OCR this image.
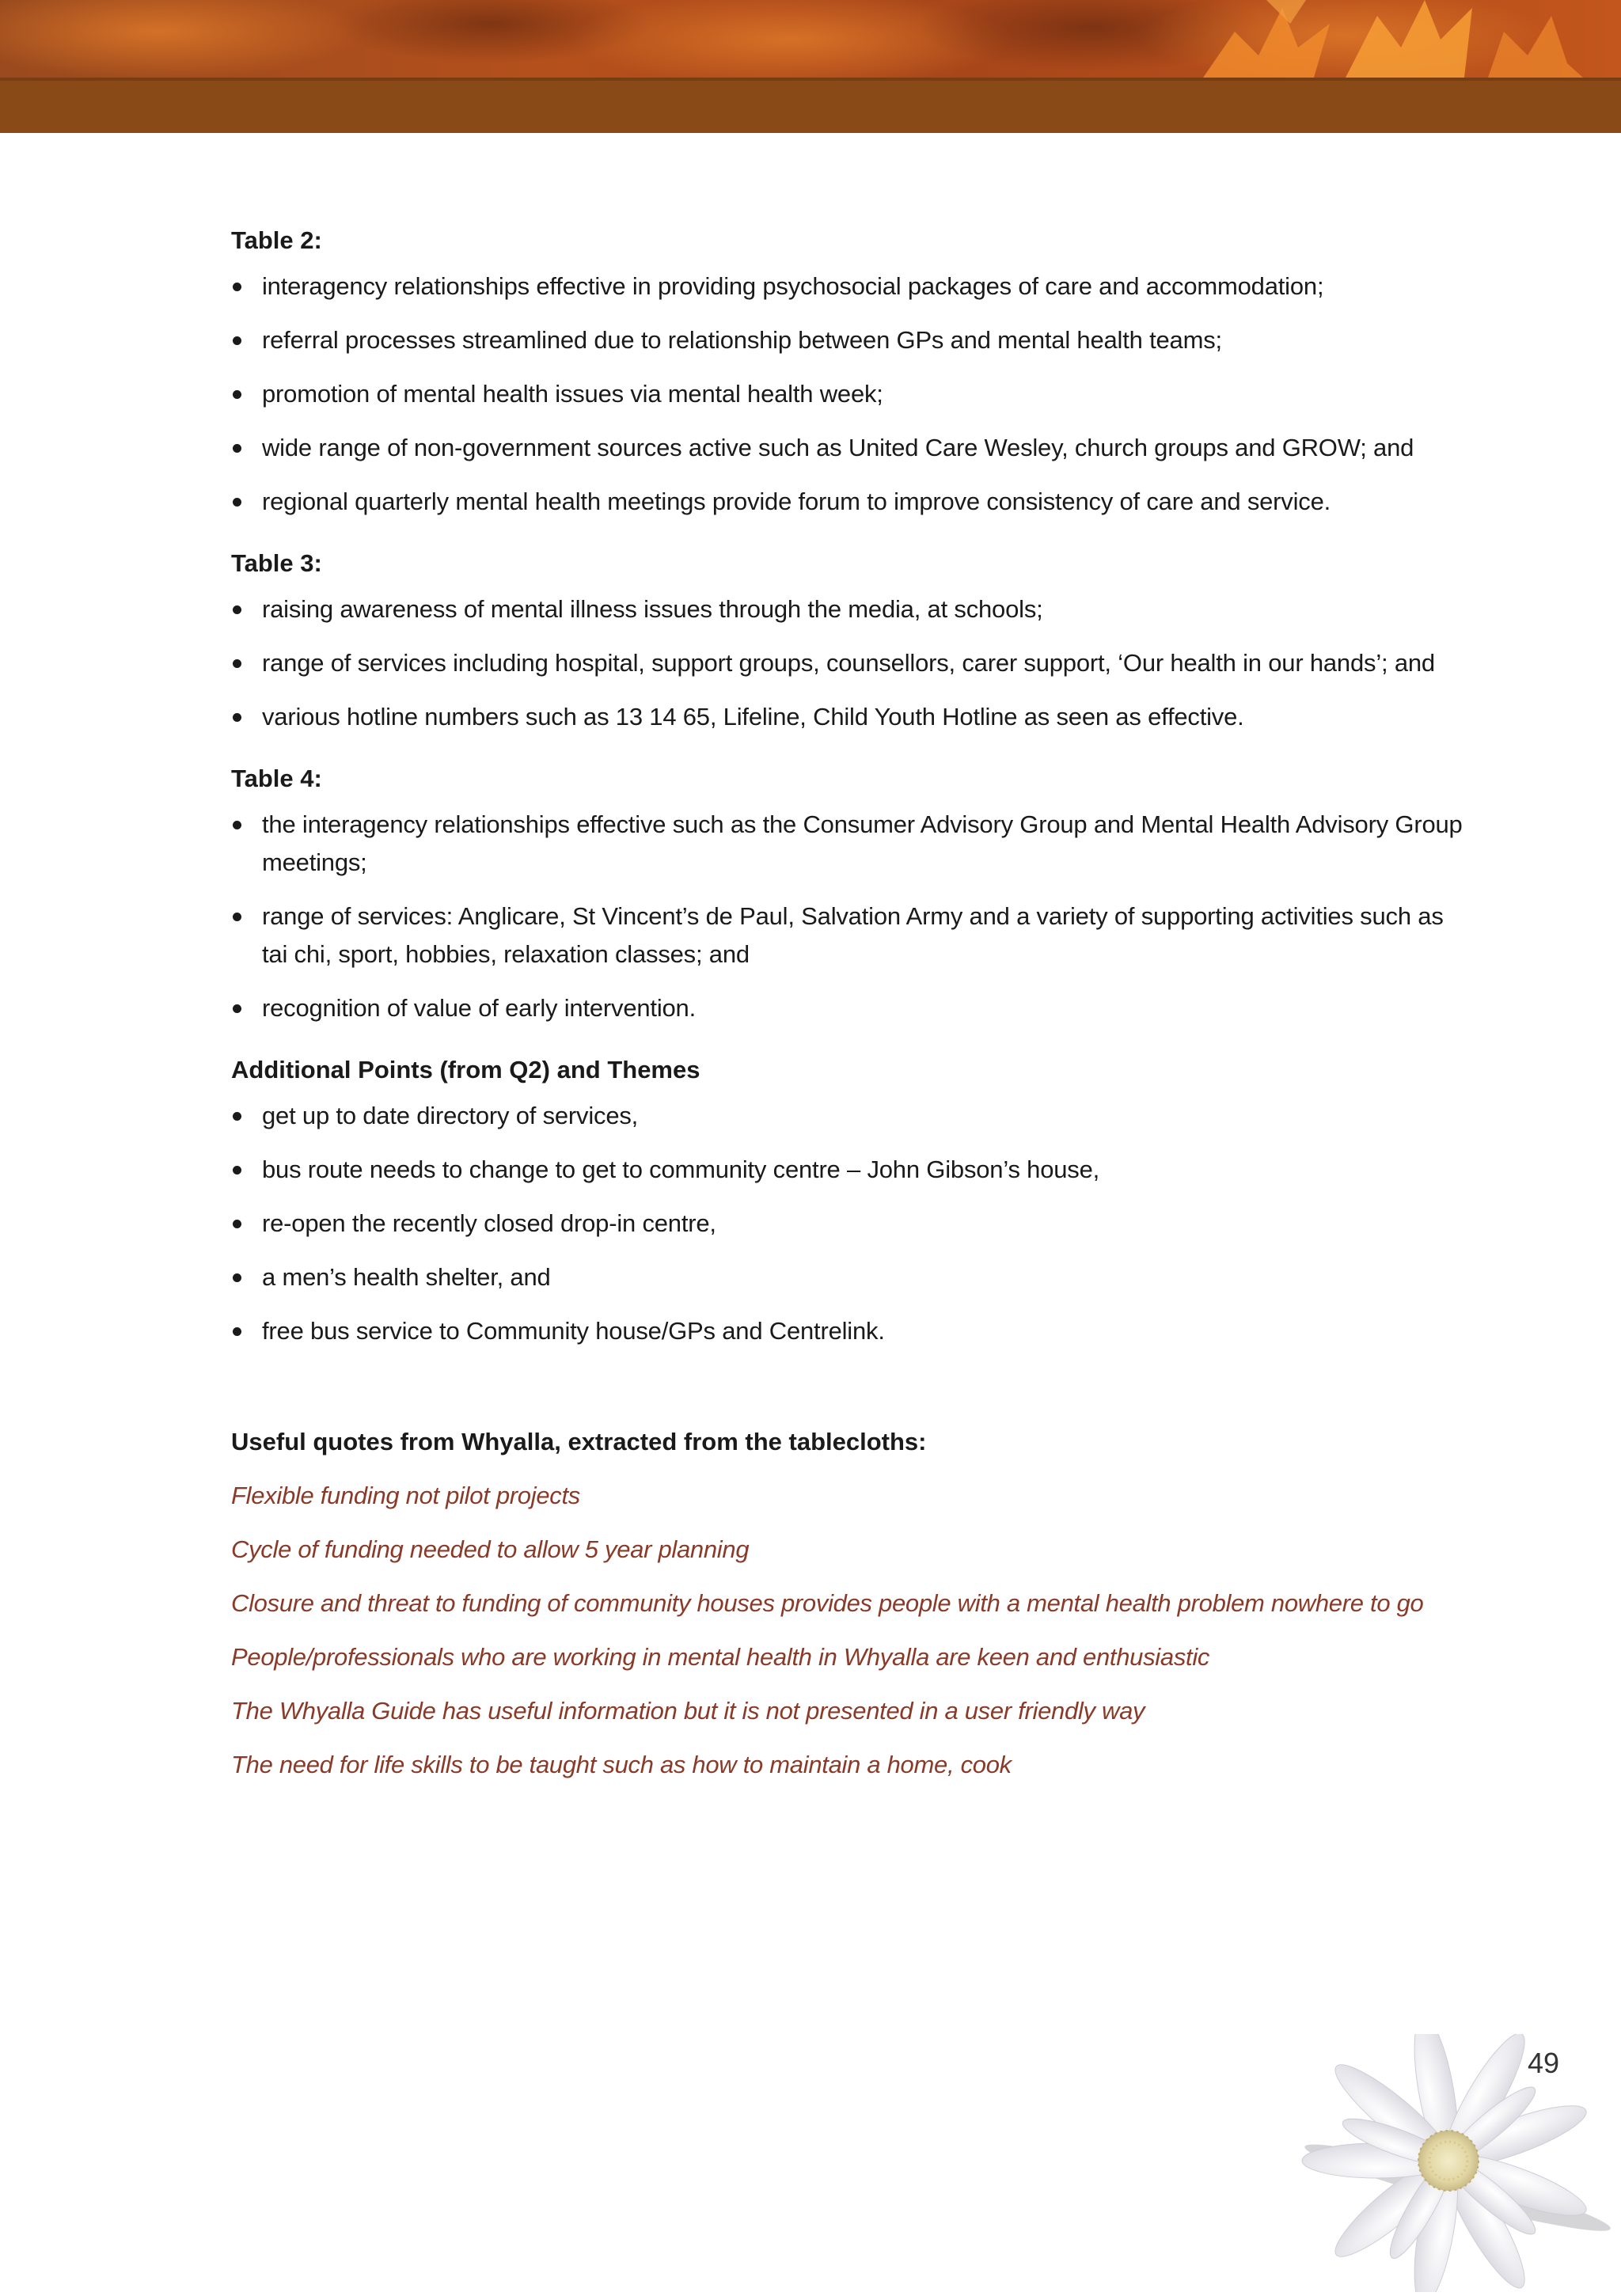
Table 2:

interagency relationships effective in providing psychosocial packages of care and accommodation;
referral processes streamlined due to relationship between GPs and mental health teams;
promotion of mental health issues via mental health week;
wide range of non-government sources active such as United Care Wesley, church groups and GROW; and
regional quarterly mental health meetings provide forum to improve consistency of care and service.

Table 3:

raising awareness of mental illness issues through the media, at schools;
range of services including hospital, support groups, counsellors, carer support, ‘Our health in our hands’; and
various hotline numbers such as 13 14 65, Lifeline, Child Youth Hotline as seen as effective.

Table 4:

the interagency relationships effective such as the Consumer Advisory Group and Mental Health Advisory Group meetings;
range of services: Anglicare, St Vincent’s de Paul, Salvation Army and a variety of supporting activities such as tai chi, sport, hobbies, relaxation classes; and
recognition of value of early intervention.

Additional Points (from Q2) and Themes

get up to date directory of services,
bus route needs to change to get to community centre – John Gibson’s house,
re-open the recently closed drop-in centre,
a men’s health shelter, and
free bus service to Community house/GPs and Centrelink.

Useful quotes from Whyalla, extracted from the tablecloths:

Flexible funding not pilot projects
Cycle of funding needed to allow 5 year planning
Closure and threat to funding of community houses provides people with a mental health problem nowhere to go
People/professionals who are working in mental health in Whyalla are keen and enthusiastic
The Whyalla Guide has useful information but it is not presented in a user friendly way
The need for life skills to be taught such as how to maintain a home, cook
49
